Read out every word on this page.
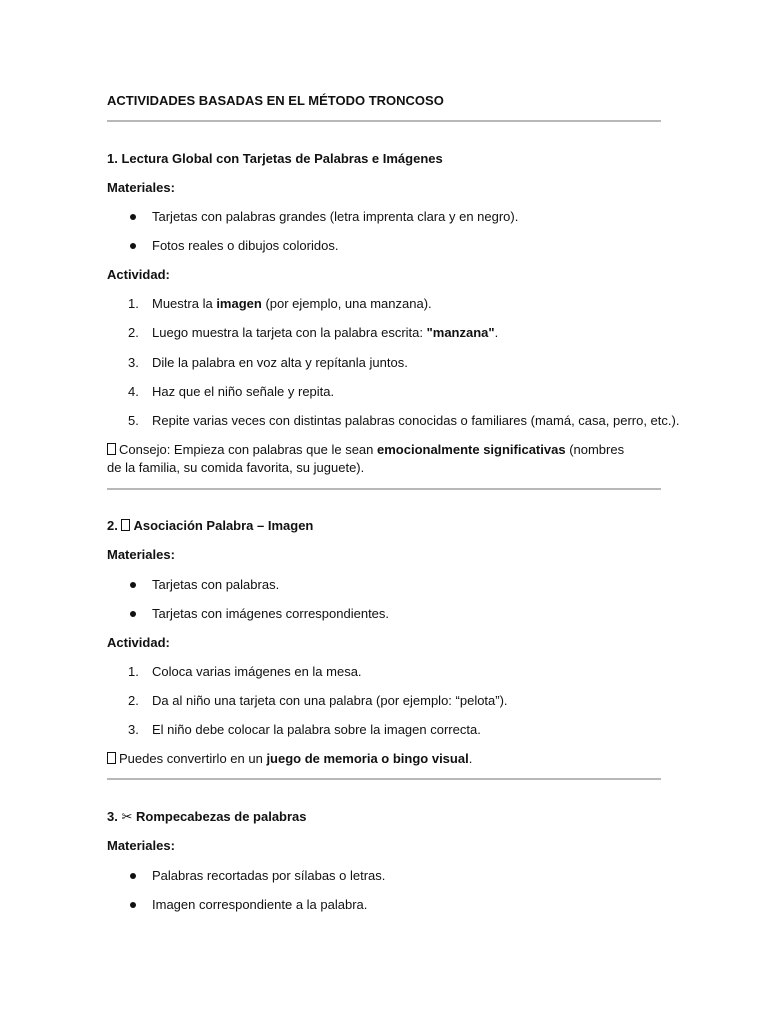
ACTIVIDADES BASADAS EN EL MÉTODO TRONCOSO
1. Lectura Global con Tarjetas de Palabras e Imágenes
Materiales:
Tarjetas con palabras grandes (letra imprenta clara y en negro).
Fotos reales o dibujos coloridos.
Actividad:
1. Muestra la imagen (por ejemplo, una manzana).
2. Luego muestra la tarjeta con la palabra escrita: "manzana".
3. Dile la palabra en voz alta y repítanla juntos.
4. Haz que el niño señale y repita.
5. Repite varias veces con distintas palabras conocidas o familiares (mamá, casa, perro, etc.).
Consejo: Empieza con palabras que le sean emocionalmente significativas (nombres de la familia, su comida favorita, su juguete).
2. Asociación Palabra – Imagen
Materiales:
Tarjetas con palabras.
Tarjetas con imágenes correspondientes.
Actividad:
1. Coloca varias imágenes en la mesa.
2. Da al niño una tarjeta con una palabra (por ejemplo: “pelota”).
3. El niño debe colocar la palabra sobre la imagen correcta.
Puedes convertirlo en un juego de memoria o bingo visual.
3. ✂ Rompecabezas de palabras
Materiales:
Palabras recortadas por sílabas o letras.
Imagen correspondiente a la palabra.
